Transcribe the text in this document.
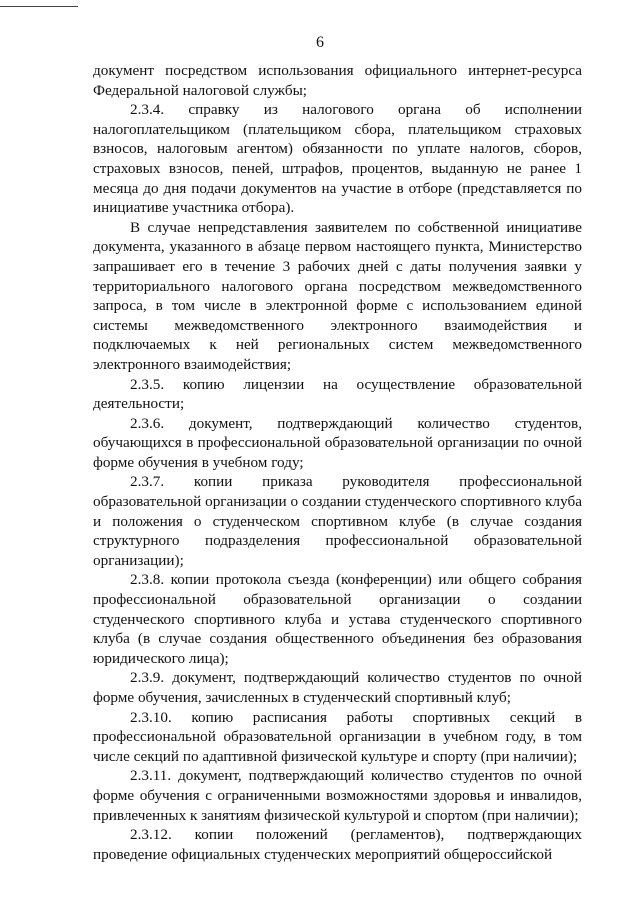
6

документ посредством использования официального интернет-ресурса Федеральной налоговой службы;

2.3.4. справку из налогового органа об исполнении налогоплательщиком (плательщиком сбора, плательщиком страховых взносов, налоговым агентом) обязанности по уплате налогов, сборов, страховых взносов, пеней, штрафов, процентов, выданную не ранее 1 месяца до дня подачи документов на участие в отборе (представляется по инициативе участника отбора).

В случае непредставления заявителем по собственной инициативе документа, указанного в абзаце первом настоящего пункта, Министерство запрашивает его в течение 3 рабочих дней с даты получения заявки у территориального налогового органа посредством межведомственного запроса, в том числе в электронной форме с использованием единой системы межведомственного электронного взаимодействия и подключаемых к ней региональных систем межведомственного электронного взаимодействия;

2.3.5. копию лицензии на осуществление образовательной деятельности;

2.3.6. документ, подтверждающий количество студентов, обучающихся в профессиональной образовательной организации по очной форме обучения в учебном году;

2.3.7. копии приказа руководителя профессиональной образовательной организации о создании студенческого спортивного клуба и положения о студенческом спортивном клубе (в случае создания структурного подразделения профессиональной образовательной организации);

2.3.8. копии протокола съезда (конференции) или общего собрания профессиональной образовательной организации о создании студенческого спортивного клуба и устава студенческого спортивного клуба (в случае создания общественного объединения без образования юридического лица);

2.3.9. документ, подтверждающий количество студентов по очной форме обучения, зачисленных в студенческий спортивный клуб;

2.3.10. копию расписания работы спортивных секций в профессиональной образовательной организации в учебном году, в том числе секций по адаптивной физической культуре и спорту (при наличии);

2.3.11. документ, подтверждающий количество студентов по очной форме обучения с ограниченными возможностями здоровья и инвалидов, привлеченных к занятиям физической культурой и спортом (при наличии);

2.3.12. копии положений (регламентов), подтверждающих проведение официальных студенческих мероприятий общероссийской
